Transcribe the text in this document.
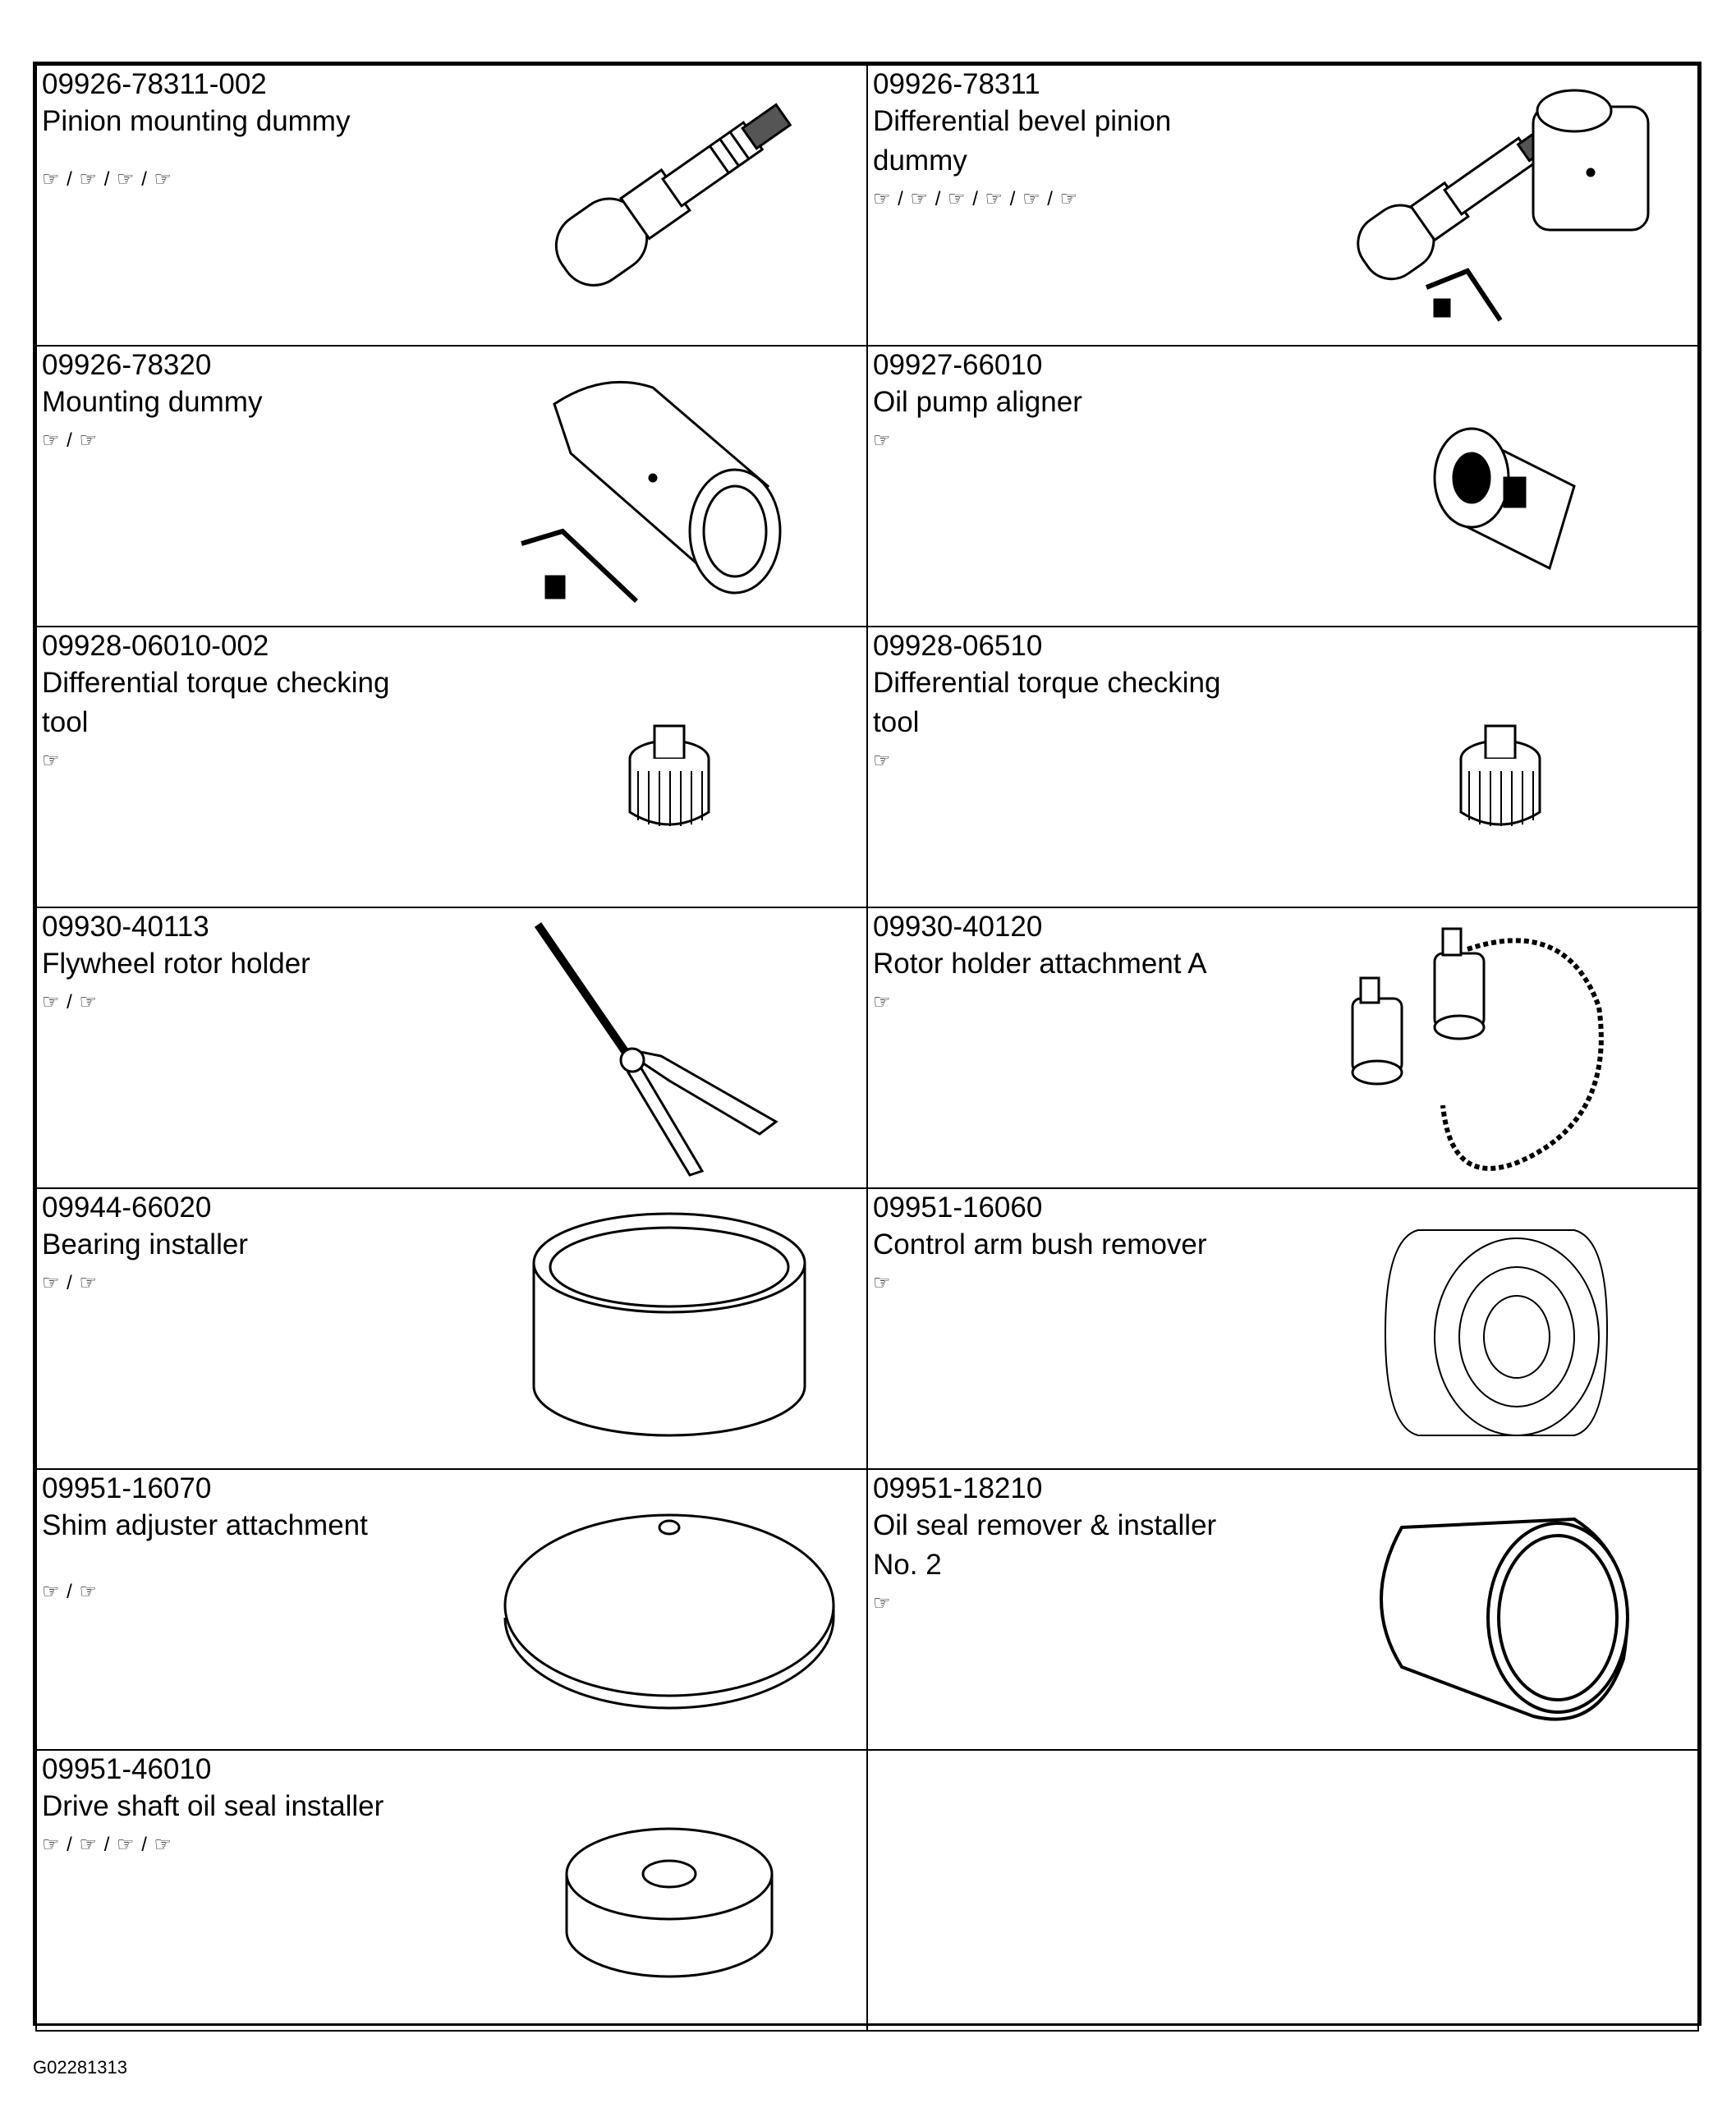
09926-78311-002
Pinion mounting dummy
☞ / ☞ / ☞ / ☞	09926-78311
Differential bevel pinion
dummy
☞ / ☞ / ☞ / ☞ / ☞ / ☞

09926-78320
Mounting dummy
☞ / ☞	09927-66010
Oil pump aligner
☞

09928-06010-002
Differential torque checking
tool
☞	09928-06510
Differential torque checking
tool
☞

09930-40113
Flywheel rotor holder
☞ / ☞	09930-40120
Rotor holder attachment A
☞

09944-66020
Bearing installer
☞ / ☞	09951-16060
Control arm bush remover
☞

09951-16070
Shim adjuster attachment
☞ / ☞	09951-18210
Oil seal remover & installer
No. 2
☞

09951-46010
Drive shaft oil seal installer
☞ / ☞ / ☞ / ☞	

G02281313
